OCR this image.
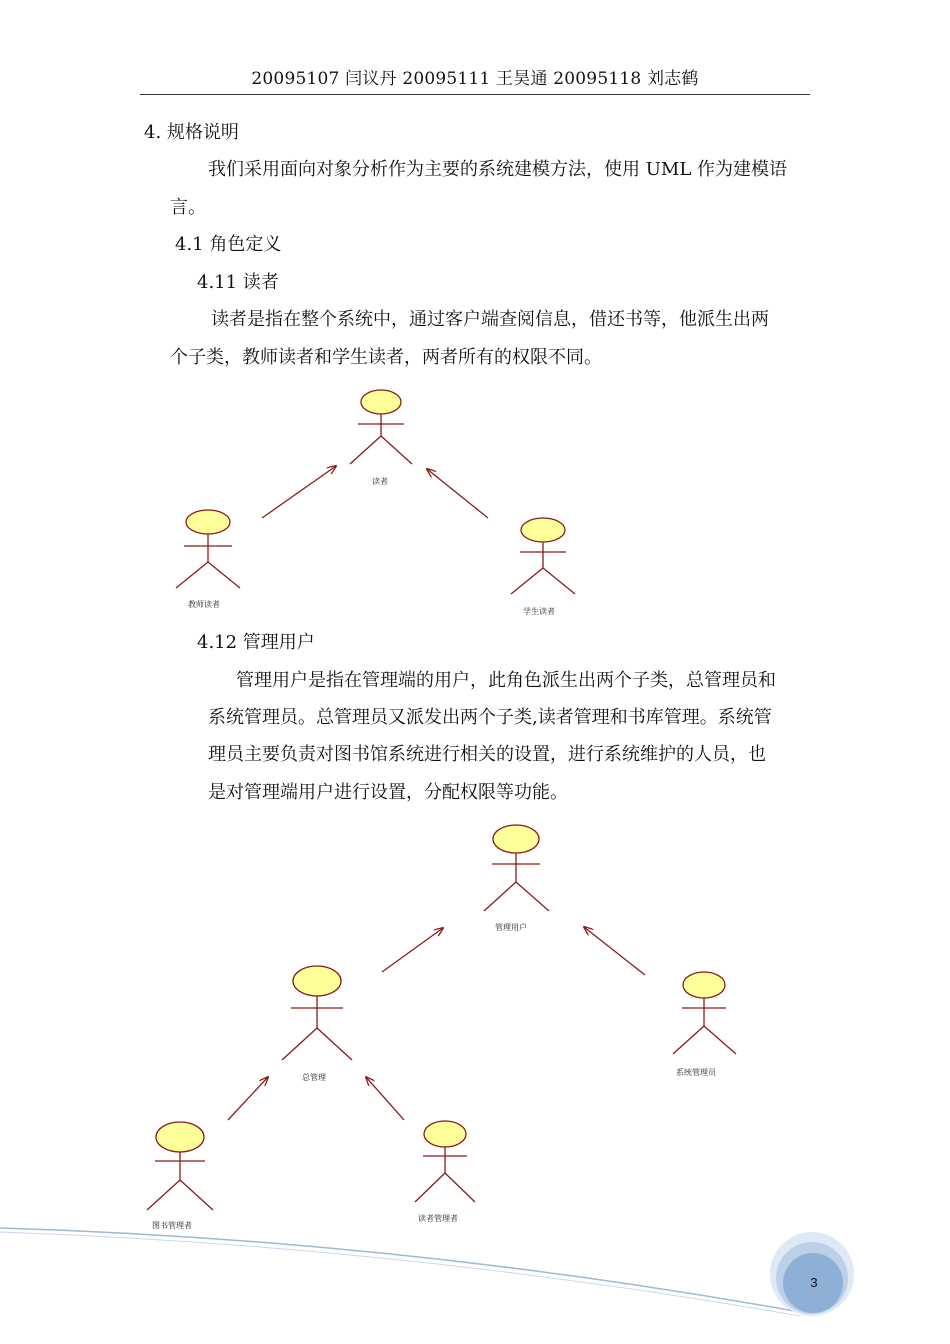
20095107 闫议丹 20095111 王昊通 20095118 刘志鹤
4. 规格说明
我们采用面向对象分析作为主要的系统建模方法，使用 UML 作为建模语
言。
4.1 角色定义
4.11 读者
读者是指在整个系统中，通过客户端查阅信息，借还书等，他派生出两
个子类，教师读者和学生读者，两者所有的权限不同。
4.12 管理用户
管理用户是指在管理端的用户，此角色派生出两个子类，总管理员和
系统管理员。总管理员又派发出两个子类,读者管理和书库管理。系统管
理员主要负责对图书馆系统进行相关的设置，进行系统维护的人员，也
是对管理端用户进行设置，分配权限等功能。
读者
教师读者
学生读者
管理用户
总管理
系统管理员
图书管理者
读者管理者
3
